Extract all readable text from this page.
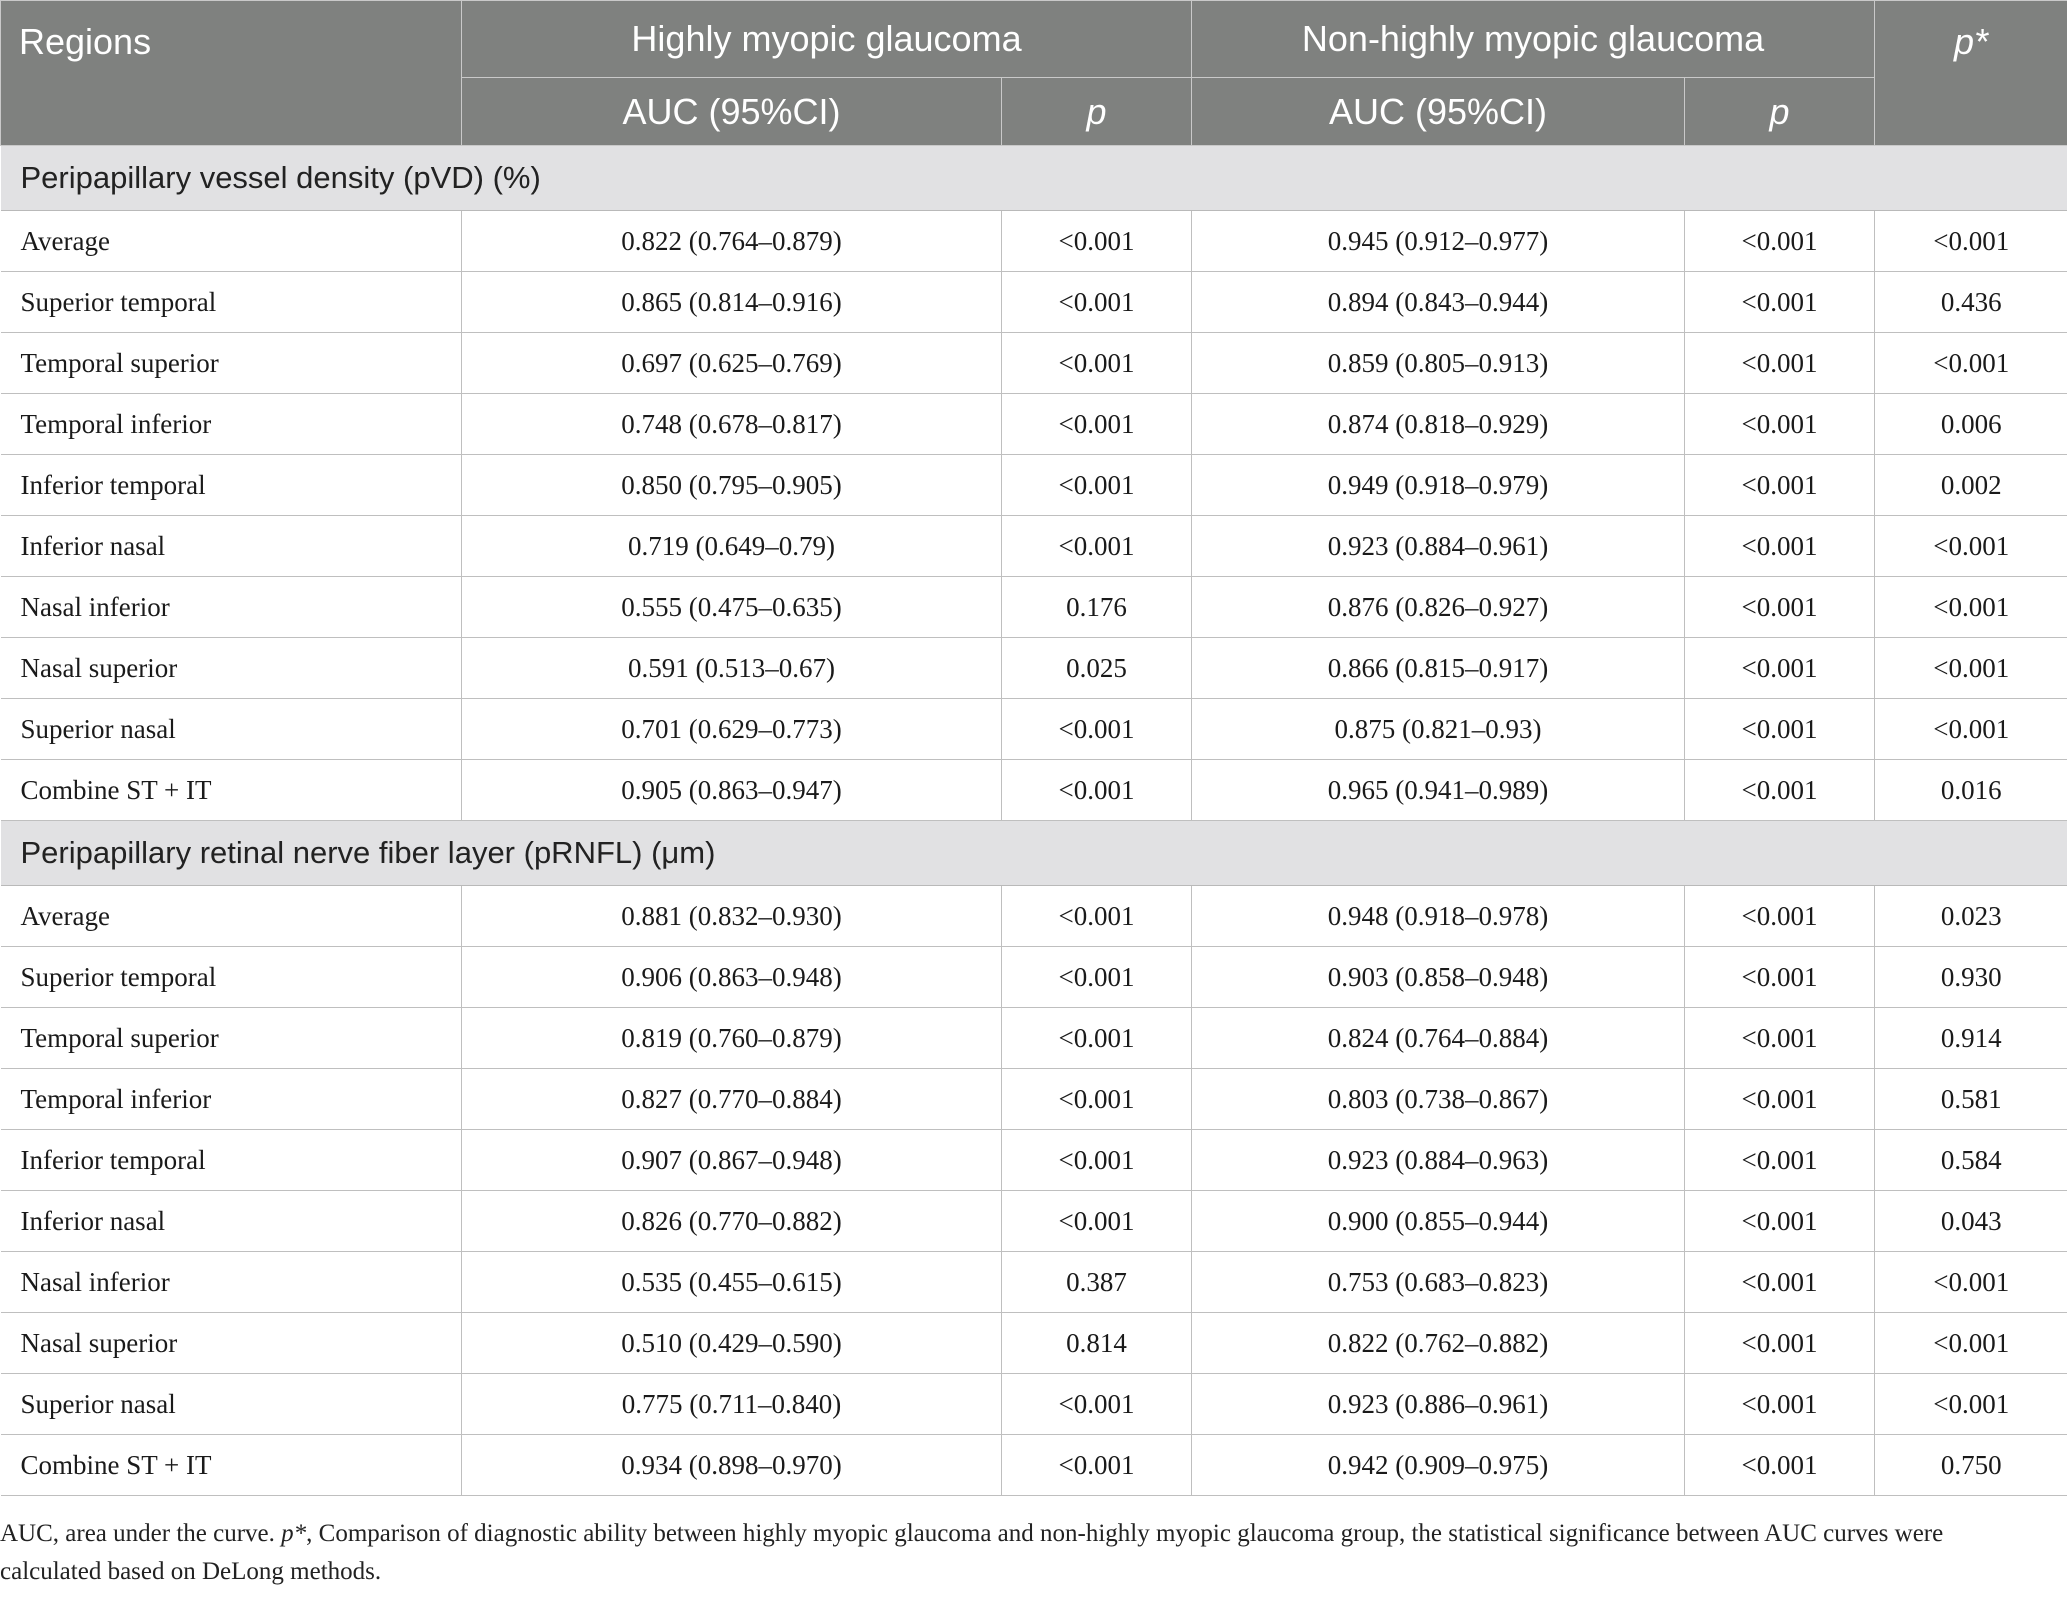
Regions	Highly myopic glaucoma		Non-highly myopic glaucoma		p*
	AUC (95%CI)	p	AUC (95%CI)	p	
Peripapillary vessel density (pVD) (%)					
Average	0.822 (0.764–0.879)	<0.001	0.945 (0.912–0.977)	<0.001	<0.001
Superior temporal	0.865 (0.814–0.916)	<0.001	0.894 (0.843–0.944)	<0.001	0.436
Temporal superior	0.697 (0.625–0.769)	<0.001	0.859 (0.805–0.913)	<0.001	<0.001
Temporal inferior	0.748 (0.678–0.817)	<0.001	0.874 (0.818–0.929)	<0.001	0.006
Inferior temporal	0.850 (0.795–0.905)	<0.001	0.949 (0.918–0.979)	<0.001	0.002
Inferior nasal	0.719 (0.649–0.79)	<0.001	0.923 (0.884–0.961)	<0.001	<0.001
Nasal inferior	0.555 (0.475–0.635)	0.176	0.876 (0.826–0.927)	<0.001	<0.001
Nasal superior	0.591 (0.513–0.67)	0.025	0.866 (0.815–0.917)	<0.001	<0.001
Superior nasal	0.701 (0.629–0.773)	<0.001	0.875 (0.821–0.93)	<0.001	<0.001
Combine ST + IT	0.905 (0.863–0.947)	<0.001	0.965 (0.941–0.989)	<0.001	0.016
Peripapillary retinal nerve fiber layer (pRNFL) (μm)					
Average	0.881 (0.832–0.930)	<0.001	0.948 (0.918–0.978)	<0.001	0.023
Superior temporal	0.906 (0.863–0.948)	<0.001	0.903 (0.858–0.948)	<0.001	0.930
Temporal superior	0.819 (0.760–0.879)	<0.001	0.824 (0.764–0.884)	<0.001	0.914
Temporal inferior	0.827 (0.770–0.884)	<0.001	0.803 (0.738–0.867)	<0.001	0.581
Inferior temporal	0.907 (0.867–0.948)	<0.001	0.923 (0.884–0.963)	<0.001	0.584
Inferior nasal	0.826 (0.770–0.882)	<0.001	0.900 (0.855–0.944)	<0.001	0.043
Nasal inferior	0.535 (0.455–0.615)	0.387	0.753 (0.683–0.823)	<0.001	<0.001
Nasal superior	0.510 (0.429–0.590)	0.814	0.822 (0.762–0.882)	<0.001	<0.001
Superior nasal	0.775 (0.711–0.840)	<0.001	0.923 (0.886–0.961)	<0.001	<0.001
Combine ST + IT	0.934 (0.898–0.970)	<0.001	0.942 (0.909–0.975)	<0.001	0.750
AUC, area under the curve. p*, Comparison of diagnostic ability between highly myopic glaucoma and non-highly myopic glaucoma group, the statistical significance between AUC curves were calculated based on DeLong methods.
